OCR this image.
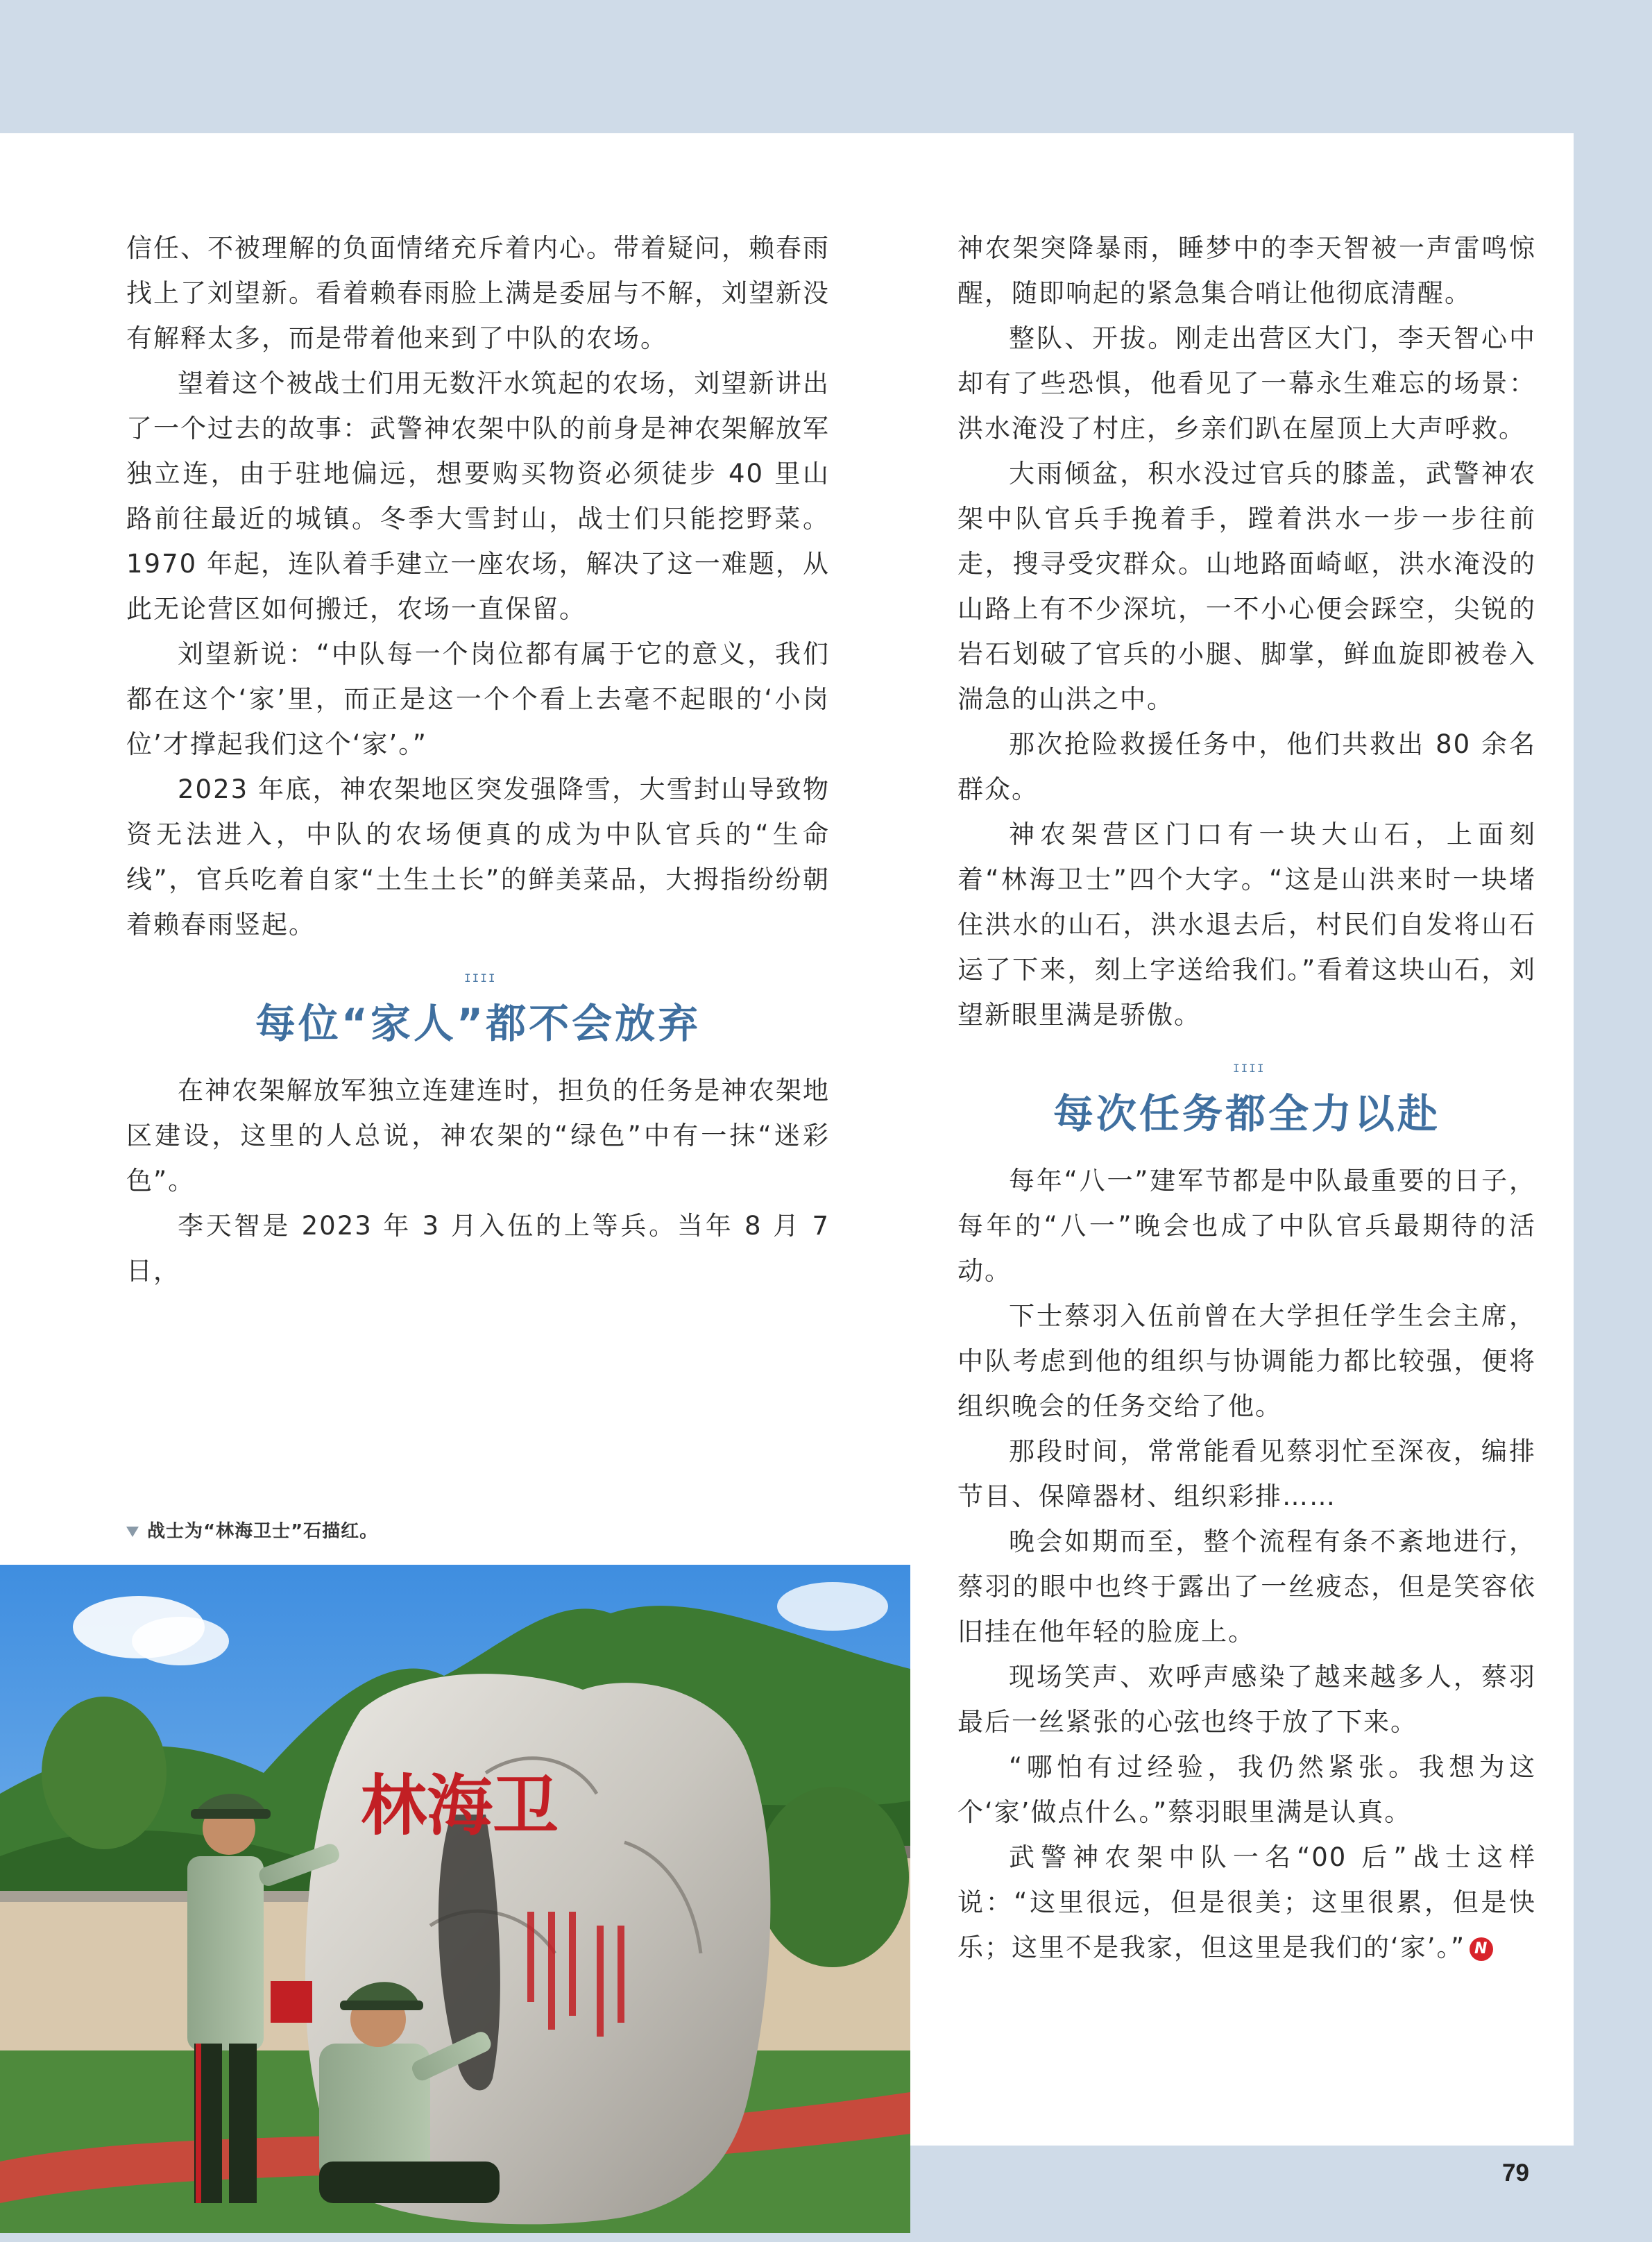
信任、不被理解的负面情绪充斥着内心。带着疑问，赖春雨找上了刘望新。看着赖春雨脸上满是委屈与不解，刘望新没有解释太多，而是带着他来到了中队的农场。

望着这个被战士们用无数汗水筑起的农场，刘望新讲出了一个过去的故事：武警神农架中队的前身是神农架解放军独立连，由于驻地偏远，想要购买物资必须徒步 40 里山路前往最近的城镇。冬季大雪封山，战士们只能挖野菜。1970 年起，连队着手建立一座农场，解决了这一难题，从此无论营区如何搬迁，农场一直保留。

刘望新说：“中队每一个岗位都有属于它的意义，我们都在这个‘家’里，而正是这一个个看上去毫不起眼的‘小岗位’才撑起我们这个‘家’。”

2023 年底，神农架地区突发强降雪，大雪封山导致物资无法进入，中队的农场便真的成为中队官兵的“生命线”，官兵吃着自家“土生土长”的鲜美菜品，大拇指纷纷朝着赖春雨竖起。

IIII
每位“家人”都不会放弃

在神农架解放军独立连建连时，担负的任务是神农架地区建设，这里的人总说，神农架的“绿色”中有一抹“迷彩色”。

李天智是 2023 年 3 月入伍的上等兵。当年 8 月 7 日，

神农架突降暴雨，睡梦中的李天智被一声雷鸣惊醒，随即响起的紧急集合哨让他彻底清醒。

整队、开拔。刚走出营区大门，李天智心中却有了些恐惧，他看见了一幕永生难忘的场景：洪水淹没了村庄，乡亲们趴在屋顶上大声呼救。

大雨倾盆，积水没过官兵的膝盖，武警神农架中队官兵手挽着手，蹚着洪水一步一步往前走，搜寻受灾群众。山地路面崎岖，洪水淹没的山路上有不少深坑，一不小心便会踩空，尖锐的岩石划破了官兵的小腿、脚掌，鲜血旋即被卷入湍急的山洪之中。

那次抢险救援任务中，他们共救出 80 余名群众。

神农架营区门口有一块大山石，上面刻着“林海卫士”四个大字。“这是山洪来时一块堵住洪水的山石，洪水退去后，村民们自发将山石运了下来，刻上字送给我们。”看着这块山石，刘望新眼里满是骄傲。

IIII
每次任务都全力以赴

每年“八一”建军节都是中队最重要的日子，每年的“八一”晚会也成了中队官兵最期待的活动。

下士蔡羽入伍前曾在大学担任学生会主席，中队考虑到他的组织与协调能力都比较强，便将组织晚会的任务交给了他。

那段时间，常常能看见蔡羽忙至深夜，编排节目、保障器材、组织彩排……

晚会如期而至，整个流程有条不紊地进行，蔡羽的眼中也终于露出了一丝疲态，但是笑容依旧挂在他年轻的脸庞上。

现场笑声、欢呼声感染了越来越多人，蔡羽最后一丝紧张的心弦也终于放了下来。

“哪怕有过经验，我仍然紧张。我想为这个‘家’做点什么。”蔡羽眼里满是认真。

武警神农架中队一名“00 后”战士这样说：“这里很远，但是很美；这里很累，但是快乐；这里不是我家，但这里是我们的‘家’。” N

战士为“林海卫士”石描红。
林海卫
79
